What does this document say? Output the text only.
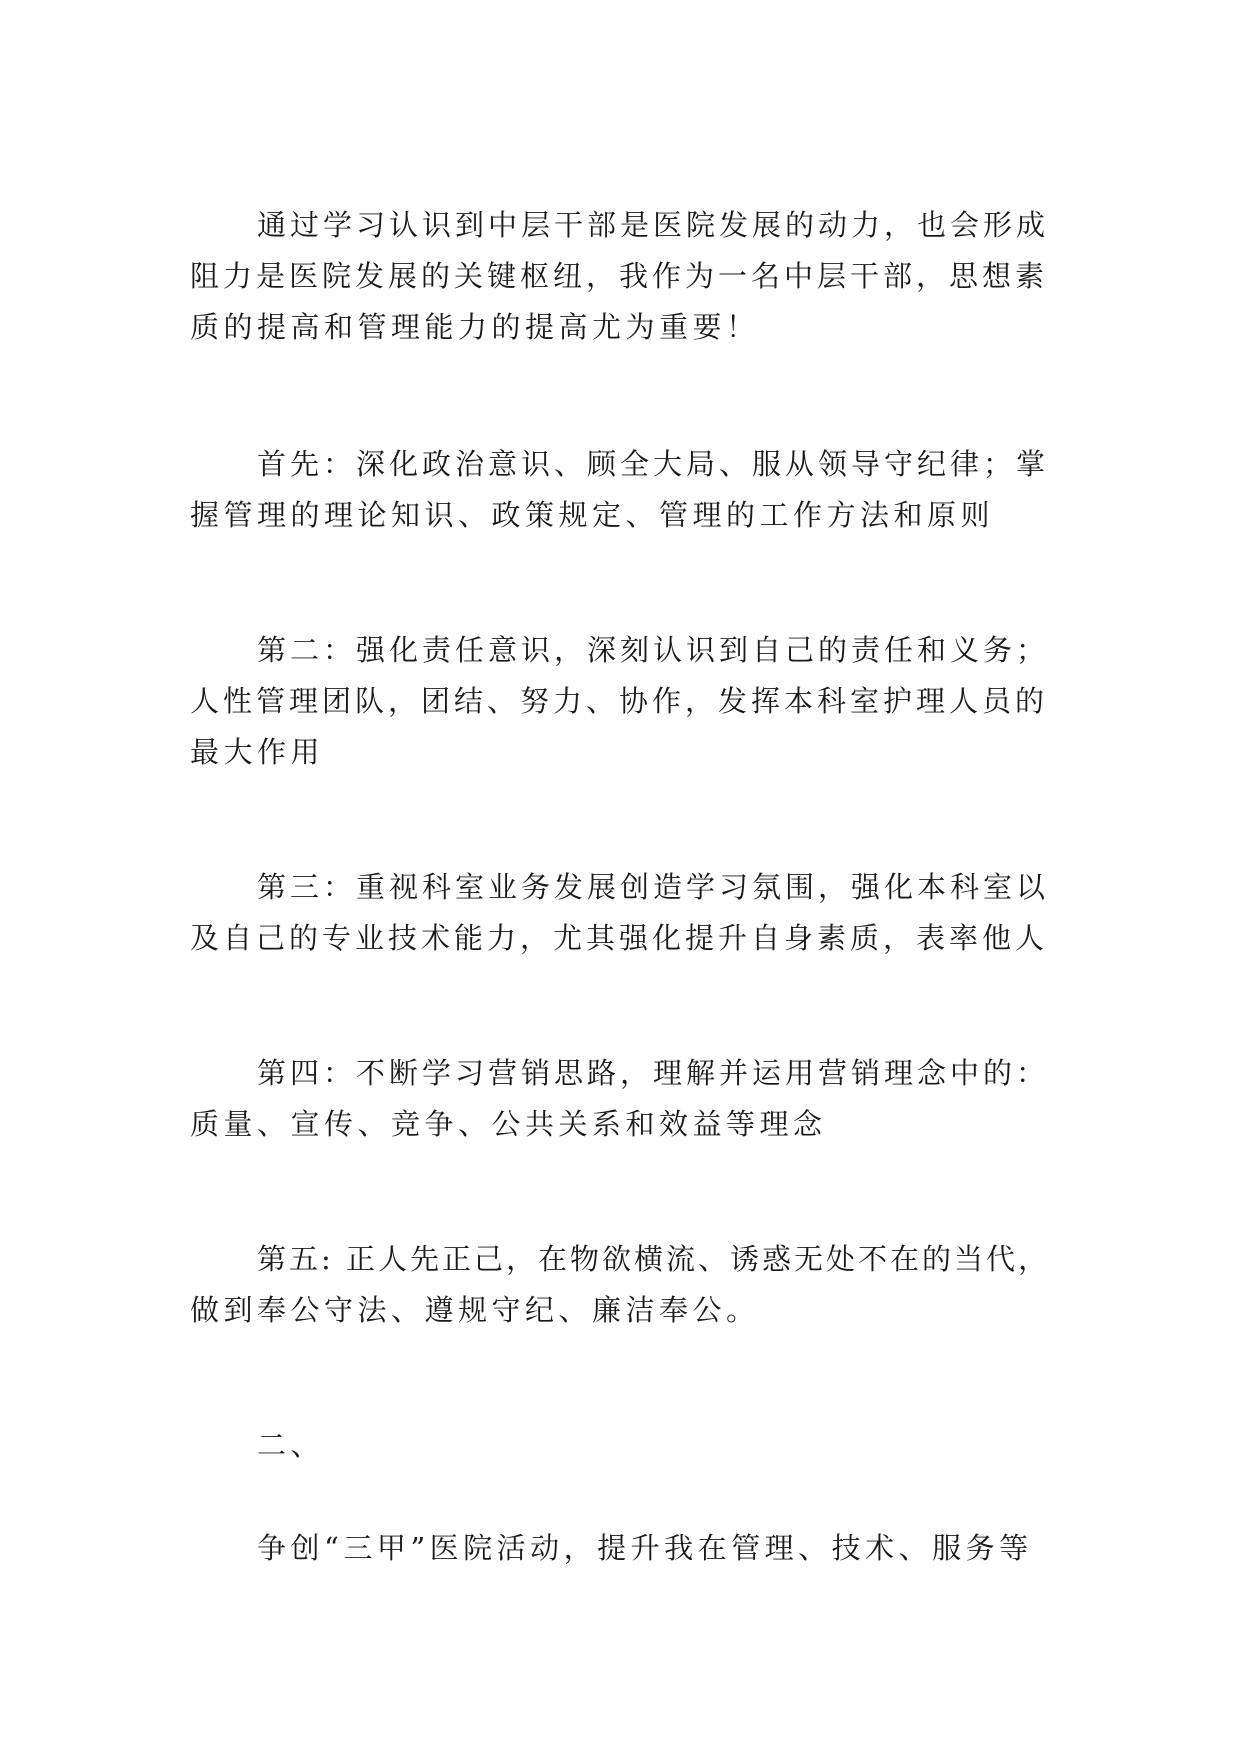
通过学习认识到中层干部是医院发展的动力，也会形成
阻力是医院发展的关键枢纽，我作为一名中层干部，思想素
质的提高和管理能力的提高尤为重要！
首先：深化政治意识、顾全大局、服从领导守纪律；掌
握管理的理论知识、政策规定、管理的工作方法和原则
第二：强化责任意识，深刻认识到自己的责任和义务；
人性管理团队，团结、努力、协作，发挥本科室护理人员的
最大作用
第三：重视科室业务发展创造学习氛围，强化本科室以
及自己的专业技术能力，尤其强化提升自身素质，表率他人
第四：不断学习营销思路，理解并运用营销理念中的：
质量、宣传、竞争、公共关系和效益等理念
第五: 正人先正己，在物欲横流、诱惑无处不在的当代，
做到奉公守法、遵规守纪、廉洁奉公。
二、
争创“三甲”医院活动，提升我在管理、技术、服务等
